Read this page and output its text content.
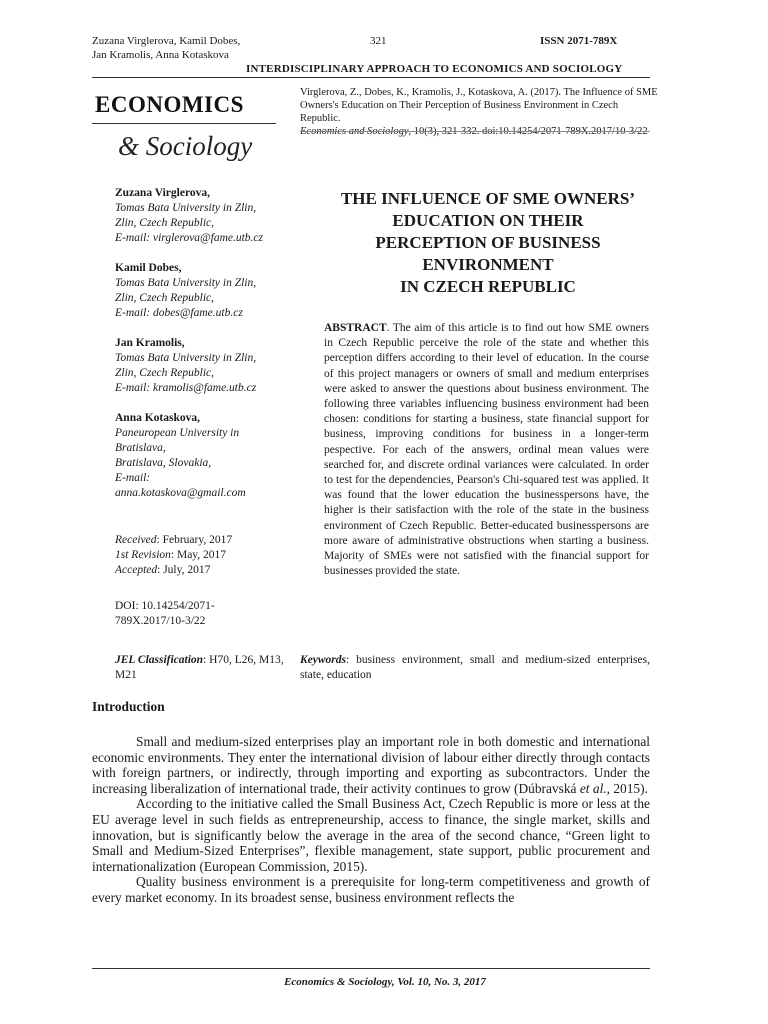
Zuzana Virglerova, Kamil Dobes,
Jan Kramolis, Anna Kotaskova
321	ISSN 2071-789X
INTERDISCIPLINARY APPROACH TO ECONOMICS AND SOCIOLOGY
ECONOMICS
& Sociology
Virglerova, Z., Dobes, K., Kramolis, J., Kotaskova, A. (2017). The Influence of SME
Owners's Education on Their Perception of Business Environment in Czech Republic.
THE INFLUENCE OF SME OWNERS’
EDUCATION ON THEIR
PERCEPTION OF BUSINESS
ENVIRONMENT
IN CZECH REPUBLIC
Zuzana Virglerova,
Tomas Bata University in Zlin,
Zlin, Czech Republic,
E-mail: virglerova@fame.utb.cz
Kamil Dobes,
Tomas Bata University in Zlin,
Zlin, Czech Republic,
E-mail: dobes@fame.utb.cz
Jan Kramolis,
Tomas Bata University in Zlin,
Zlin, Czech Republic,
E-mail: kramolis@fame.utb.cz
Anna Kotaskova,
Paneuropean University in
Bratislava,
Bratislava, Slovakia,
E-mail:
anna.kotaskova@gmail.com
Received: February, 2017
1st Revision: May, 2017
Accepted: July, 2017
DOI: 10.14254/2071-
789X.2017/10-3/22

ABSTRACT. The aim of this article is to find out how SME owners in Czech Republic perceive the role of the state and whether this perception differs according to their level of education. In the course of this project managers or owners of small and medium enterprises were asked to answer the questions about business environment. The following three variables influencing business environment had been chosen: conditions for starting a business, state financial support for business, improving conditions for business in a longer-term pespective. For each of the answers, ordinal mean values were searched for, and discrete ordinal variances were calculated. In order to test for the dependencies, Pearson's Chi-squared test was applied. It was found that the lower education the businesspersons have, the higher is their satisfaction with the role of the state in the business environment of Czech Republic. Better-educated businesspersons are more aware of administrative obstructions when starting a business. Majority of SMEs were not satisfied with the financial support for businesses provided the state.

JEL Classification: H70, L26, M13, M21
Keywords: business environment, small and medium-sized enterprises, state, education
Introduction

Small and medium-sized enterprises play an important role in both domestic and international economic environments. They enter the international division of labour either directly through contacts with foreign partners, or indirectly, through importing and exporting as subcontractors. Under the increasing liberalization of international trade, their activity continues to grow (Dúbravská et al., 2015).

According to the initiative called the Small Business Act, Czech Republic is more or less at the EU average level in such fields as entrepreneurship, access to finance, the single market, skills and innovation, but is significantly below the average in the area of the second chance, “Green light to Small and Medium-Sized Enterprises”, flexible management, state support, public procurement and internationalization (European Commission, 2015).

Quality business environment is a prerequisite for long-term competitiveness and growth of every market economy. In its broadest sense, business environment reflects the

Economics & Sociology, Vol. 10, No. 3, 2017
